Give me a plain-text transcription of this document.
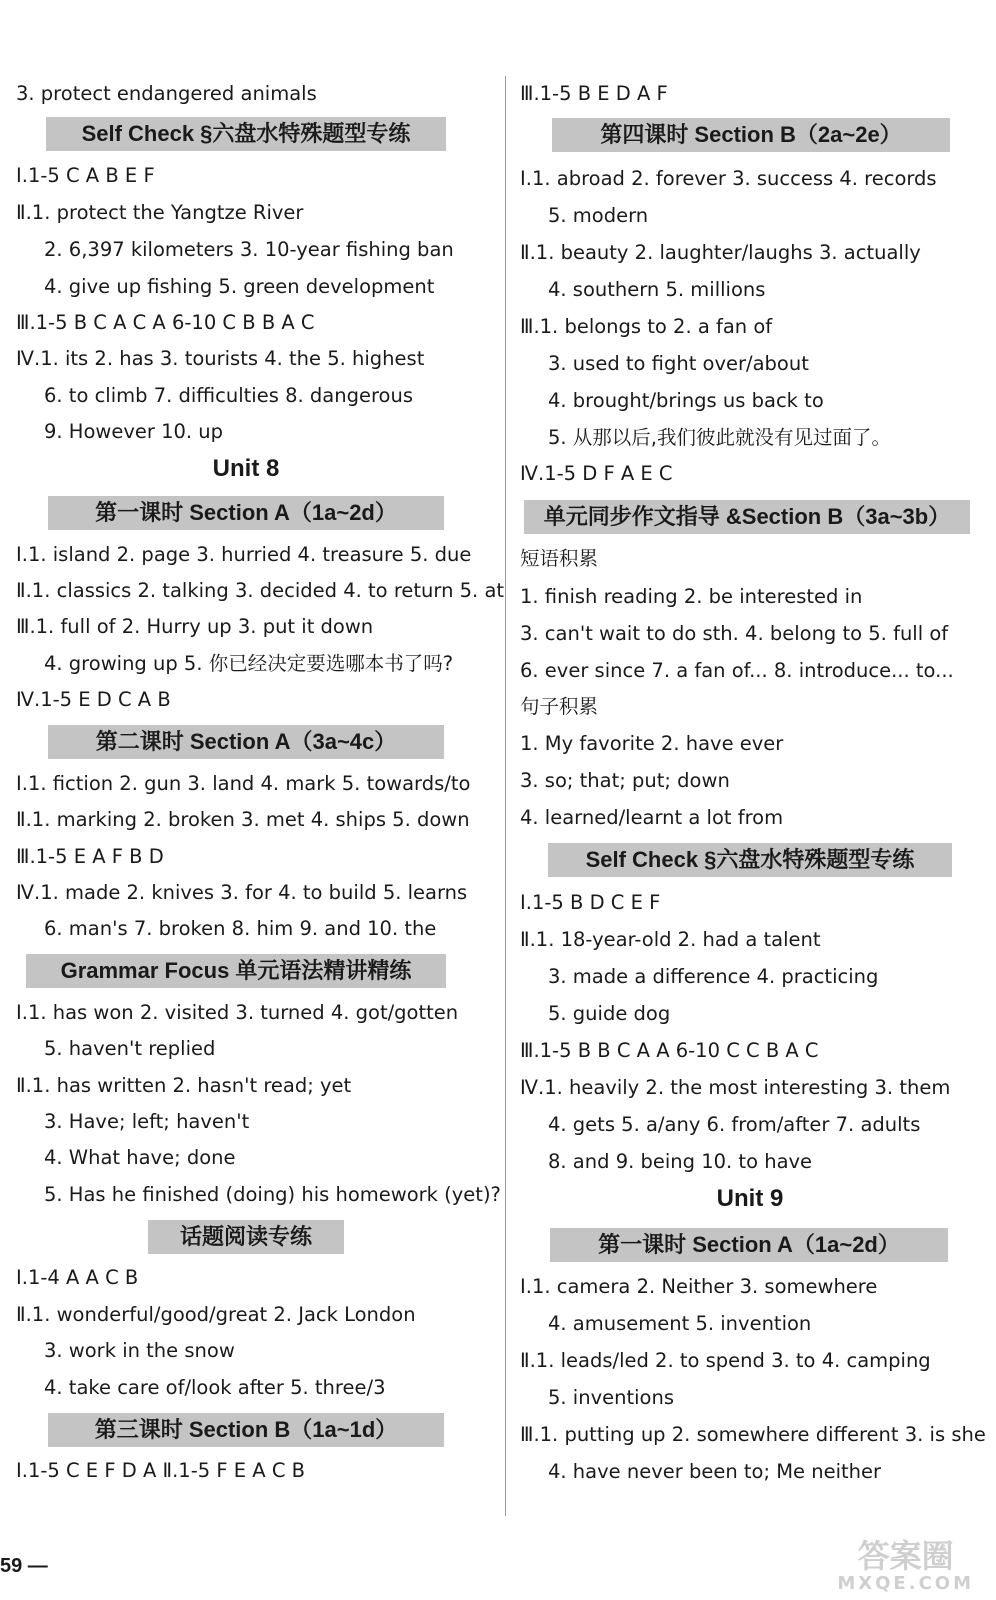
3. protect endangered animals
Self Check §六盘水特殊题型专练
Ⅰ.1-5 C A B E F
Ⅱ.1. protect the Yangtze River
2. 6,397 kilometers 3. 10-year fishing ban
4. give up fishing 5. green development
Ⅲ.1-5 B C A C A 6-10 C B B A C
Ⅳ.1. its 2. has 3. tourists 4. the 5. highest
6. to climb 7. difficulties 8. dangerous
9. However 10. up
Unit 8
第一课时 Section A（1a~2d）
Ⅰ.1. island 2. page 3. hurried 4. treasure 5. due
Ⅱ.1. classics 2. talking 3. decided 4. to return 5. at
Ⅲ.1. full of 2. Hurry up 3. put it down
4. growing up 5. 你已经决定要选哪本书了吗?
Ⅳ.1-5 E D C A B
第二课时 Section A（3a~4c）
Ⅰ.1. fiction 2. gun 3. land 4. mark 5. towards/to
Ⅱ.1. marking 2. broken 3. met 4. ships 5. down
Ⅲ.1-5 E A F B D
Ⅳ.1. made 2. knives 3. for 4. to build 5. learns
6. man's 7. broken 8. him 9. and 10. the
Grammar Focus 单元语法精讲精练
Ⅰ.1. has won 2. visited 3. turned 4. got/gotten
5. haven't replied
Ⅱ.1. has written 2. hasn't read; yet
3. Have; left; haven't
4. What have; done
5. Has he finished (doing) his homework (yet)?
话题阅读专练
Ⅰ.1-4 A A C B
Ⅱ.1. wonderful/good/great 2. Jack London
3. work in the snow
4. take care of/look after 5. three/3
第三课时 Section B（1a~1d）
Ⅰ.1-5 C E F D A Ⅱ.1-5 F E A C B
Ⅲ.1-5 B E D A F
第四课时 Section B（2a~2e）
Ⅰ.1. abroad 2. forever 3. success 4. records
5. modern
Ⅱ.1. beauty 2. laughter/laughs 3. actually
4. southern 5. millions
Ⅲ.1. belongs to 2. a fan of
3. used to fight over/about
4. brought/brings us back to
5. 从那以后,我们彼此就没有见过面了。
Ⅳ.1-5 D F A E C
单元同步作文指导 &Section B（3a~3b）
短语积累
1. finish reading 2. be interested in
3. can't wait to do sth. 4. belong to 5. full of
6. ever since 7. a fan of... 8. introduce... to...
句子积累
1. My favorite 2. have ever
3. so; that; put; down
4. learned/learnt a lot from
Self Check §六盘水特殊题型专练
Ⅰ.1-5 B D C E F
Ⅱ.1. 18-year-old 2. had a talent
3. made a difference 4. practicing
5. guide dog
Ⅲ.1-5 B B C A A 6-10 C C B A C
Ⅳ.1. heavily 2. the most interesting 3. them
4. gets 5. a/any 6. from/after 7. adults
8. and 9. being 10. to have
Unit 9
第一课时 Section A（1a~2d）
Ⅰ.1. camera 2. Neither 3. somewhere
4. amusement 5. invention
Ⅱ.1. leads/led 2. to spend 3. to 4. camping
5. inventions
Ⅲ.1. putting up 2. somewhere different 3. is she
4. have never been to; Me neither
59 —	答案圈
MXQE.COM
